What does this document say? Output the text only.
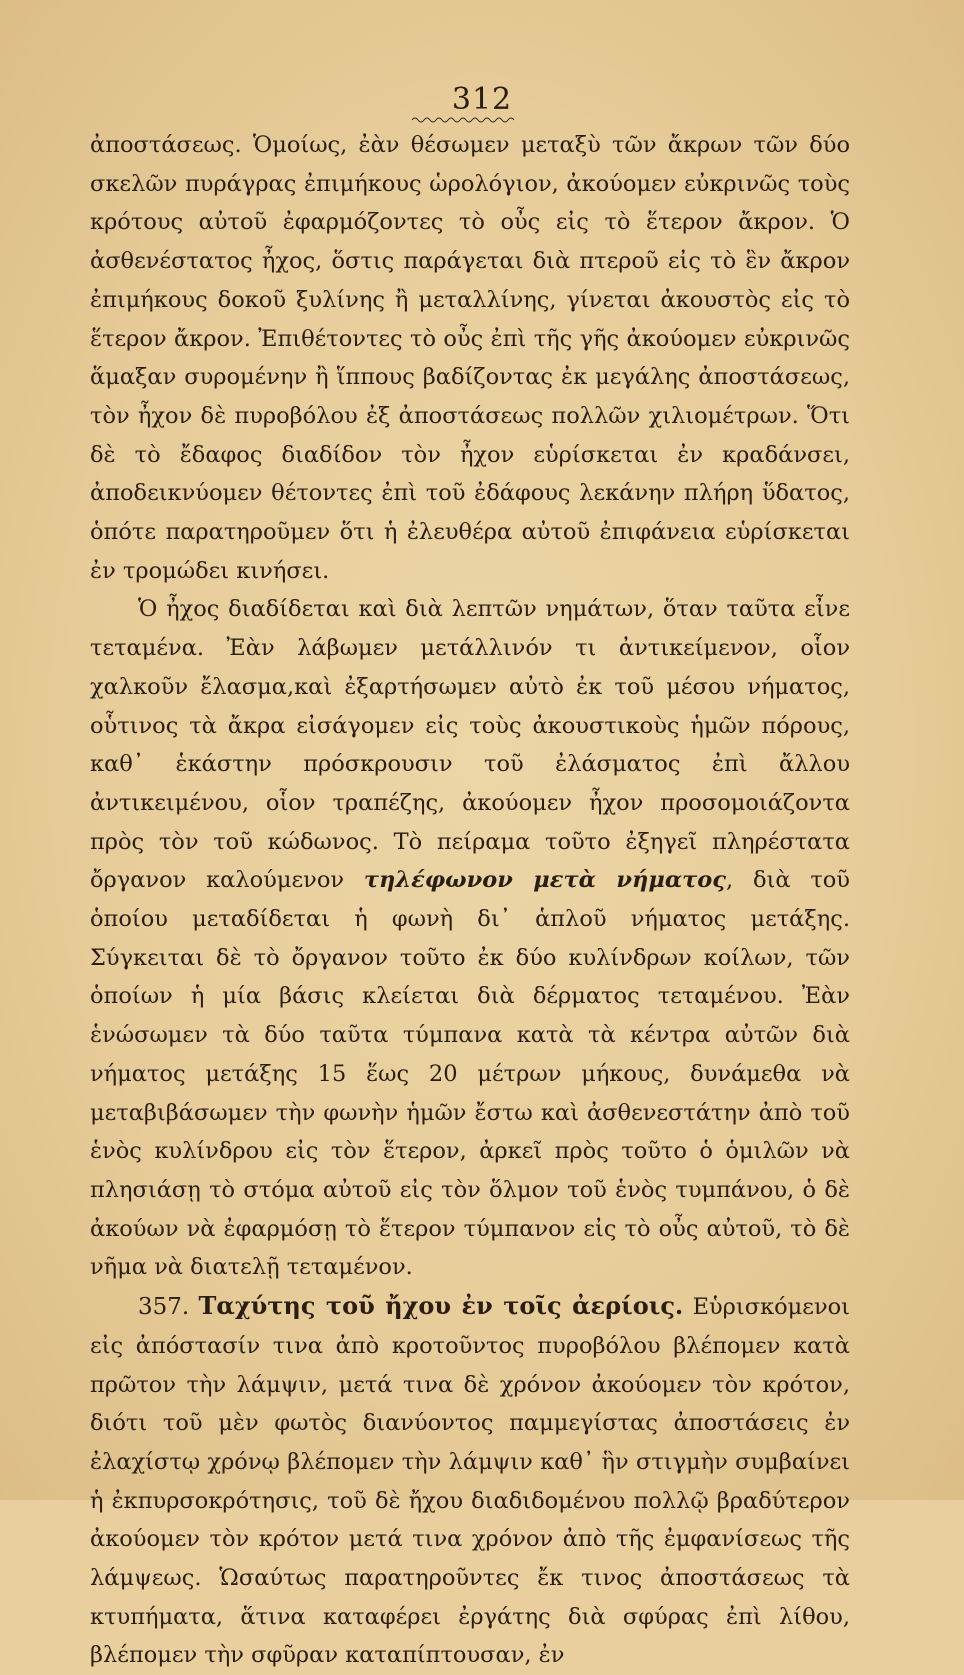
312

ἀποστάσεως. Ὁμοίως, ἐὰν θέσωμεν μεταξὺ τῶν ἄκρων τῶν δύο σκελῶν πυράγρας ἐπιμήκους ὡρολόγιον, ἀκούομεν εὐκρινῶς τοὺς κρότους αὐτοῦ ἐφαρμόζοντες τὸ οὖς εἰς τὸ ἕτερον ἄκρον. Ὁ ἀσθενέστατος ἦχος, ὅστις παράγεται διὰ πτεροῦ εἰς τὸ ἓν ἄκρον ἐπιμήκους δοκοῦ ξυλίνης ἢ μεταλλίνης, γίνεται ἀκουστὸς εἰς τὸ ἕτερον ἄκρον. Ἐπιθέτοντες τὸ οὖς ἐπὶ τῆς γῆς ἀκούομεν εὐκρινῶς ἅμαξαν συρομένην ἢ ἵππους βαδίζοντας ἐκ μεγάλης ἀποστάσεως, τὸν ἦχον δὲ πυροβόλου ἐξ ἀποστάσεως πολλῶν χιλιομέτρων. Ὅτι δὲ τὸ ἔδαφος διαδίδον τὸν ἦχον εὑρίσκεται ἐν κραδάνσει, ἀποδεικνύομεν θέτοντες ἐπὶ τοῦ ἐδάφους λεκάνην πλήρη ὕδατος, ὁπότε παρατηροῦμεν ὅτι ἡ ἐλευθέρα αὐτοῦ ἐπιφάνεια εὑρίσκεται ἐν τρομώδει κινήσει.

Ὁ ἦχος διαδίδεται καὶ διὰ λεπτῶν νημάτων, ὅταν ταῦτα εἶνε τεταμένα. Ἐὰν λάβωμεν μετάλλινόν τι ἀντικείμενον, οἷον χαλκοῦν ἔλασμα,καὶ ἐξαρτήσωμεν αὐτὸ ἐκ τοῦ μέσου νήματος, οὗτινος τὰ ἄκρα εἰσάγομεν εἰς τοὺς ἀκουστικοὺς ἡμῶν πόρους, καθ᾿ ἑκάστην πρόσκρουσιν τοῦ ἐλάσματος ἐπὶ ἄλλου ἀντικειμένου, οἷον τραπέζης, ἀκούομεν ἦχον προσομοιάζοντα πρὸς τὸν τοῦ κώδωνος. Τὸ πείραμα τοῦτο ἐξηγεῖ πληρέστατα ὄργανον καλούμενον τηλέφωνον μετὰ νήματος, διὰ τοῦ ὁποίου μεταδίδεται ἡ φωνὴ δι᾿ ἁπλοῦ νήματος μετάξης. Σύγκειται δὲ τὸ ὄργανον τοῦτο ἐκ δύο κυλίνδρων κοίλων, τῶν ὁποίων ἡ μία βάσις κλείεται διὰ δέρματος τεταμένου. Ἐὰν ἑνώσωμεν τὰ δύο ταῦτα τύμπανα κατὰ τὰ κέντρα αὐτῶν διὰ νήματος μετάξης 15 ἕως 20 μέτρων μήκους, δυνάμεθα νὰ μεταβιβάσωμεν τὴν φωνὴν ἡμῶν ἔστω καὶ ἀσθενεστάτην ἀπὸ τοῦ ἑνὸς κυλίνδρου εἰς τὸν ἕτερον, ἀρκεῖ πρὸς τοῦτο ὁ ὁμιλῶν νὰ πλησιάσῃ τὸ στόμα αὐτοῦ εἰς τὸν ὅλμον τοῦ ἑνὸς τυμπάνου, ὁ δὲ ἀκούων νὰ ἐφαρμόσῃ τὸ ἕτερον τύμπανον εἰς τὸ οὖς αὐτοῦ, τὸ δὲ νῆμα νὰ διατελῇ τεταμένον.

357. Ταχύτης τοῦ ἤχου ἐν τοῖς ἀερίοις. Εὑρισκόμενοι εἰς ἀπόστασίν τινα ἀπὸ κροτοῦντος πυροβόλου βλέπομεν κατὰ πρῶτον τὴν λάμψιν, μετά τινα δὲ χρόνον ἀκούομεν τὸν κρότον, διότι τοῦ μὲν φωτὸς διανύοντος παμμεγίστας ἀποστάσεις ἐν ἐλαχίστῳ χρόνῳ βλέπομεν τὴν λάμψιν καθ᾿ ἣν στιγμὴν συμβαίνει ἡ ἐκπυρσοκρότησις, τοῦ δὲ ἤχου διαδιδομένου πολλῷ βραδύτερον ἀκούομεν τὸν κρότον μετά τινα χρόνον ἀπὸ τῆς ἐμφανίσεως τῆς λάμψεως. Ὡσαύτως παρατηροῦντες ἔκ τινος ἀποστάσεως τὰ κτυπήματα, ἅτινα καταφέρει ἐργάτης διὰ σφύρας ἐπὶ λίθου, βλέπομεν τὴν σφῦραν καταπίπτουσαν, ἐν
